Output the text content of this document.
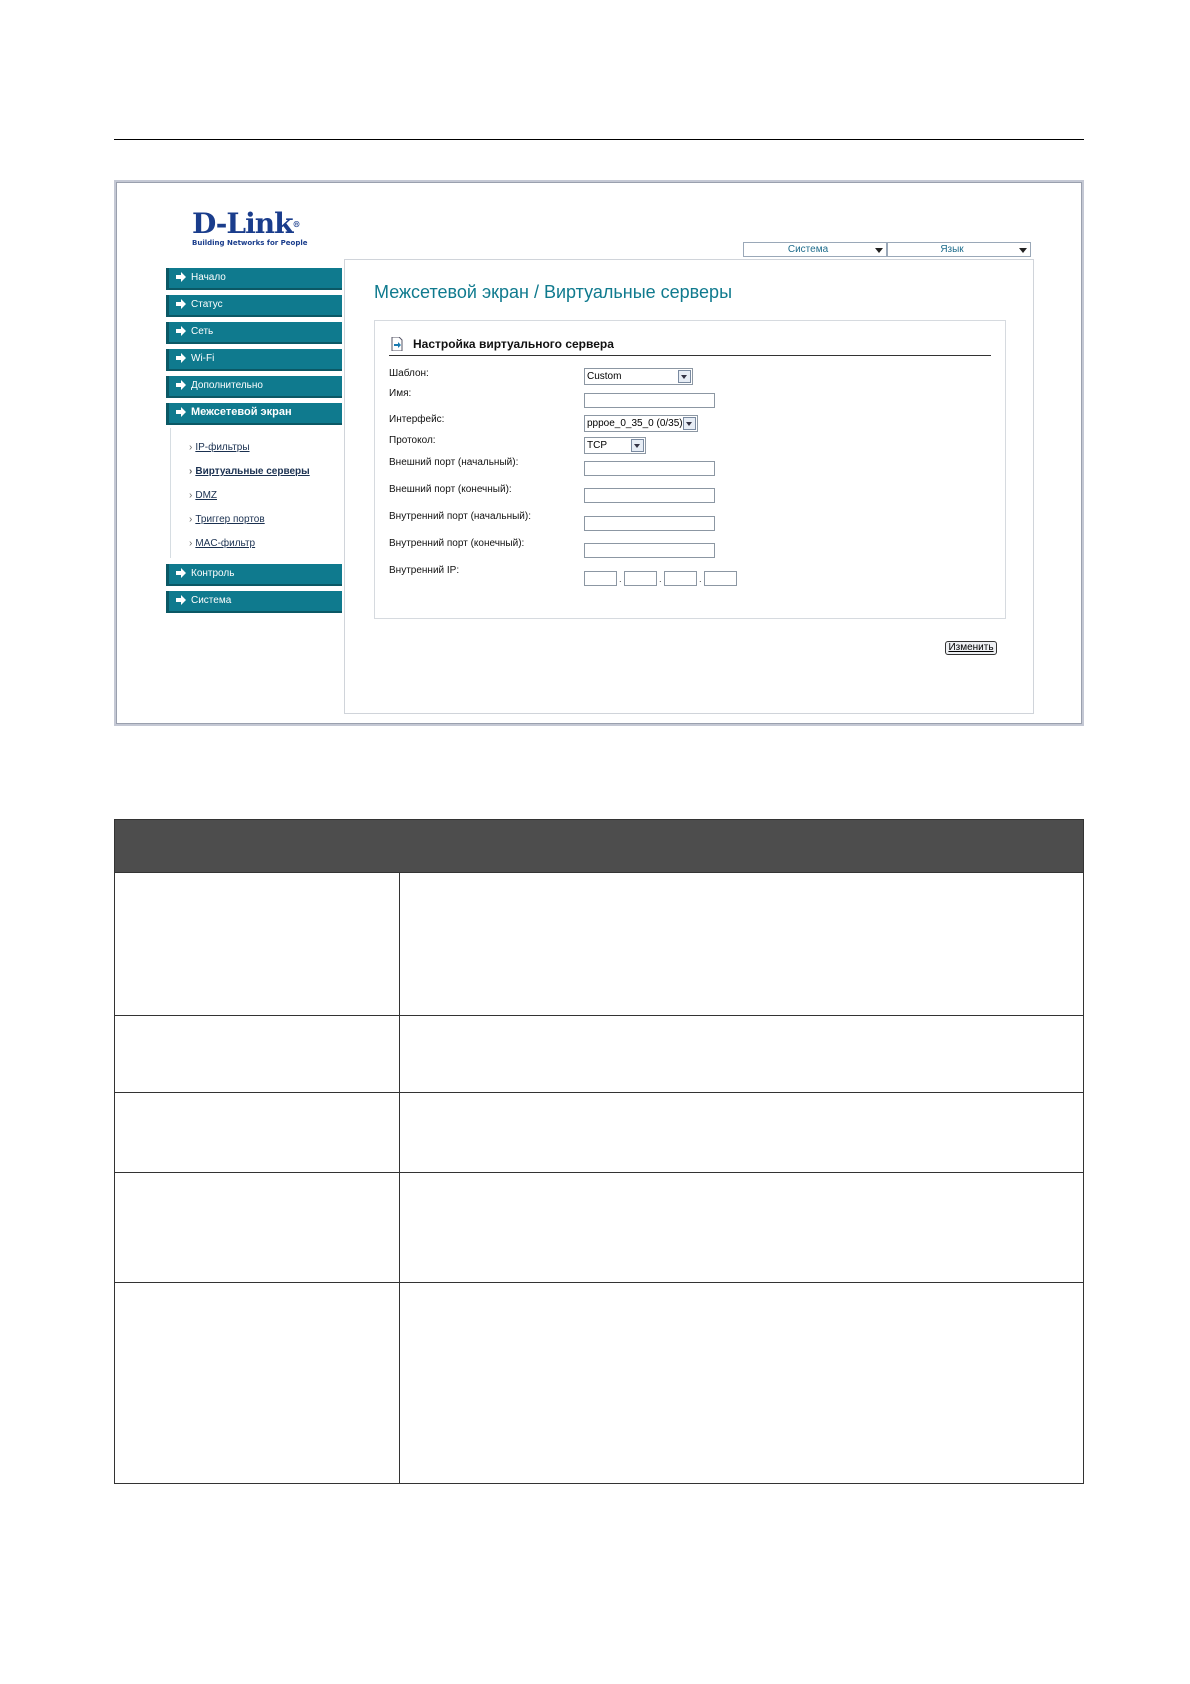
D-Link®
Building Networks for People
Система	Язык
Начало
Статус
Сеть
Wi-Fi
Дополнительно
Межсетевой экран
› IP-фильтры
› Виртуальные серверы
› DMZ
› Триггер портов
› MAC-фильтр
Контроль
Система
Межсетевой экран / Виртуальные серверы
Настройка виртуального сервера
Шаблон:	Custom
Имя:
Интерфейс:	pppoe_0_35_0 (0/35)
Протокол:	TCP
Внешний порт (начальный):
Внешний порт (конечный):
Внутренний порт (начальный):
Внутренний порт (конечный):
Внутренний IP:
.	.	.
Изменить
